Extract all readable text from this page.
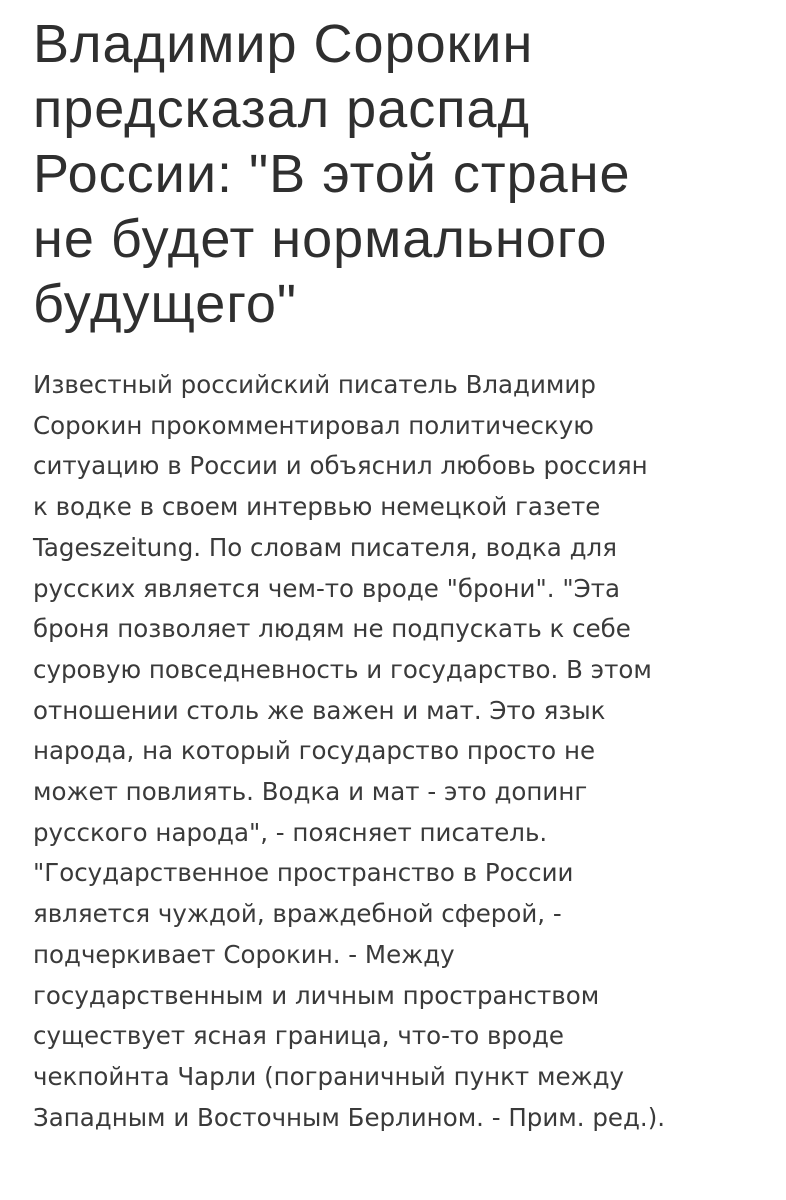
Владимир Сорокин
предсказал распад
России: "В этой стране
не будет нормального
будущего"

Известный российский писатель Владимир
Сорокин прокомментировал политическую
ситуацию в России и объяснил любовь россиян
к водке в своем интервью немецкой газете
Tageszeitung. По словам писателя, водка для
русских является чем-то вроде "брони". "Эта
броня позволяет людям не подпускать к себе
суровую повседневность и государство. В этом
отношении столь же важен и мат. Это язык
народа, на который государство просто не
может повлиять. Водка и мат - это допинг
русского народа", - поясняет писатель.
"Государственное пространство в России
является чуждой, враждебной сферой, -
подчеркивает Сорокин. - Между
государственным и личным пространством
существует ясная граница, что-то вроде
чекпойнта Чарли (пограничный пункт между
Западным и Восточным Берлином. - Прим. ред.).
